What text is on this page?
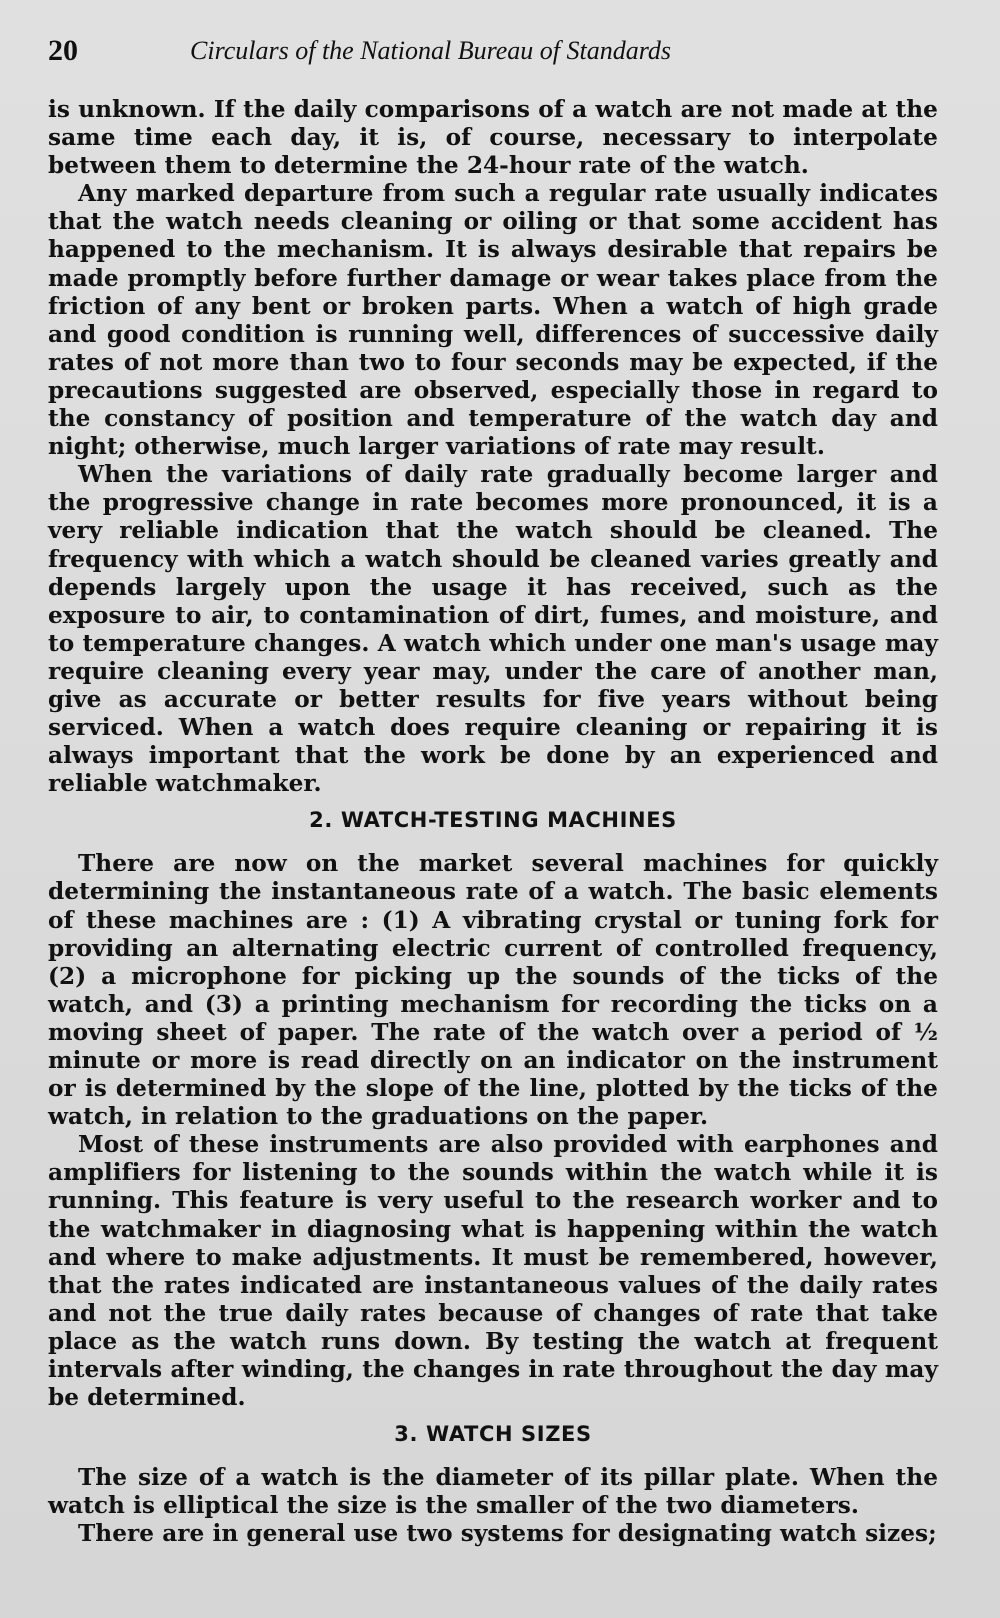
20	Circulars of the National Bureau of Standards

is unknown. If the daily comparisons of a watch are not made at the same time each day, it is, of course, necessary to interpolate between them to determine the 24-hour rate of the watch.

Any marked departure from such a regular rate usually indicates that the watch needs cleaning or oiling or that some accident has happened to the mechanism. It is always desirable that repairs be made promptly before further damage or wear takes place from the friction of any bent or broken parts. When a watch of high grade and good condition is running well, differences of successive daily rates of not more than two to four seconds may be expected, if the precautions suggested are observed, especially those in regard to the constancy of position and temperature of the watch day and night; otherwise, much larger variations of rate may result.

When the variations of daily rate gradually become larger and the progressive change in rate becomes more pronounced, it is a very reliable indication that the watch should be cleaned. The frequency with which a watch should be cleaned varies greatly and depends largely upon the usage it has received, such as the exposure to air, to contamination of dirt, fumes, and moisture, and to temperature changes. A watch which under one man's usage may require cleaning every year may, under the care of another man, give as accurate or better results for five years without being serviced. When a watch does require cleaning or repairing it is always important that the work be done by an experienced and reliable watchmaker.

2. WATCH-TESTING MACHINES

There are now on the market several machines for quickly determining the instantaneous rate of a watch. The basic elements of these machines are : (1) A vibrating crystal or tuning fork for providing an alternating electric current of controlled frequency, (2) a microphone for picking up the sounds of the ticks of the watch, and (3) a printing mechanism for recording the ticks on a moving sheet of paper. The rate of the watch over a period of ½ minute or more is read directly on an indicator on the instrument or is determined by the slope of the line, plotted by the ticks of the watch, in relation to the graduations on the paper.

Most of these instruments are also provided with earphones and amplifiers for listening to the sounds within the watch while it is running. This feature is very useful to the research worker and to the watchmaker in diagnosing what is happening within the watch and where to make adjustments. It must be remembered, however, that the rates indicated are instantaneous values of the daily rates and not the true daily rates because of changes of rate that take place as the watch runs down. By testing the watch at frequent intervals after winding, the changes in rate throughout the day may be determined.

3. WATCH SIZES

The size of a watch is the diameter of its pillar plate. When the watch is elliptical the size is the smaller of the two diameters.

There are in general use two systems for designating watch sizes;
